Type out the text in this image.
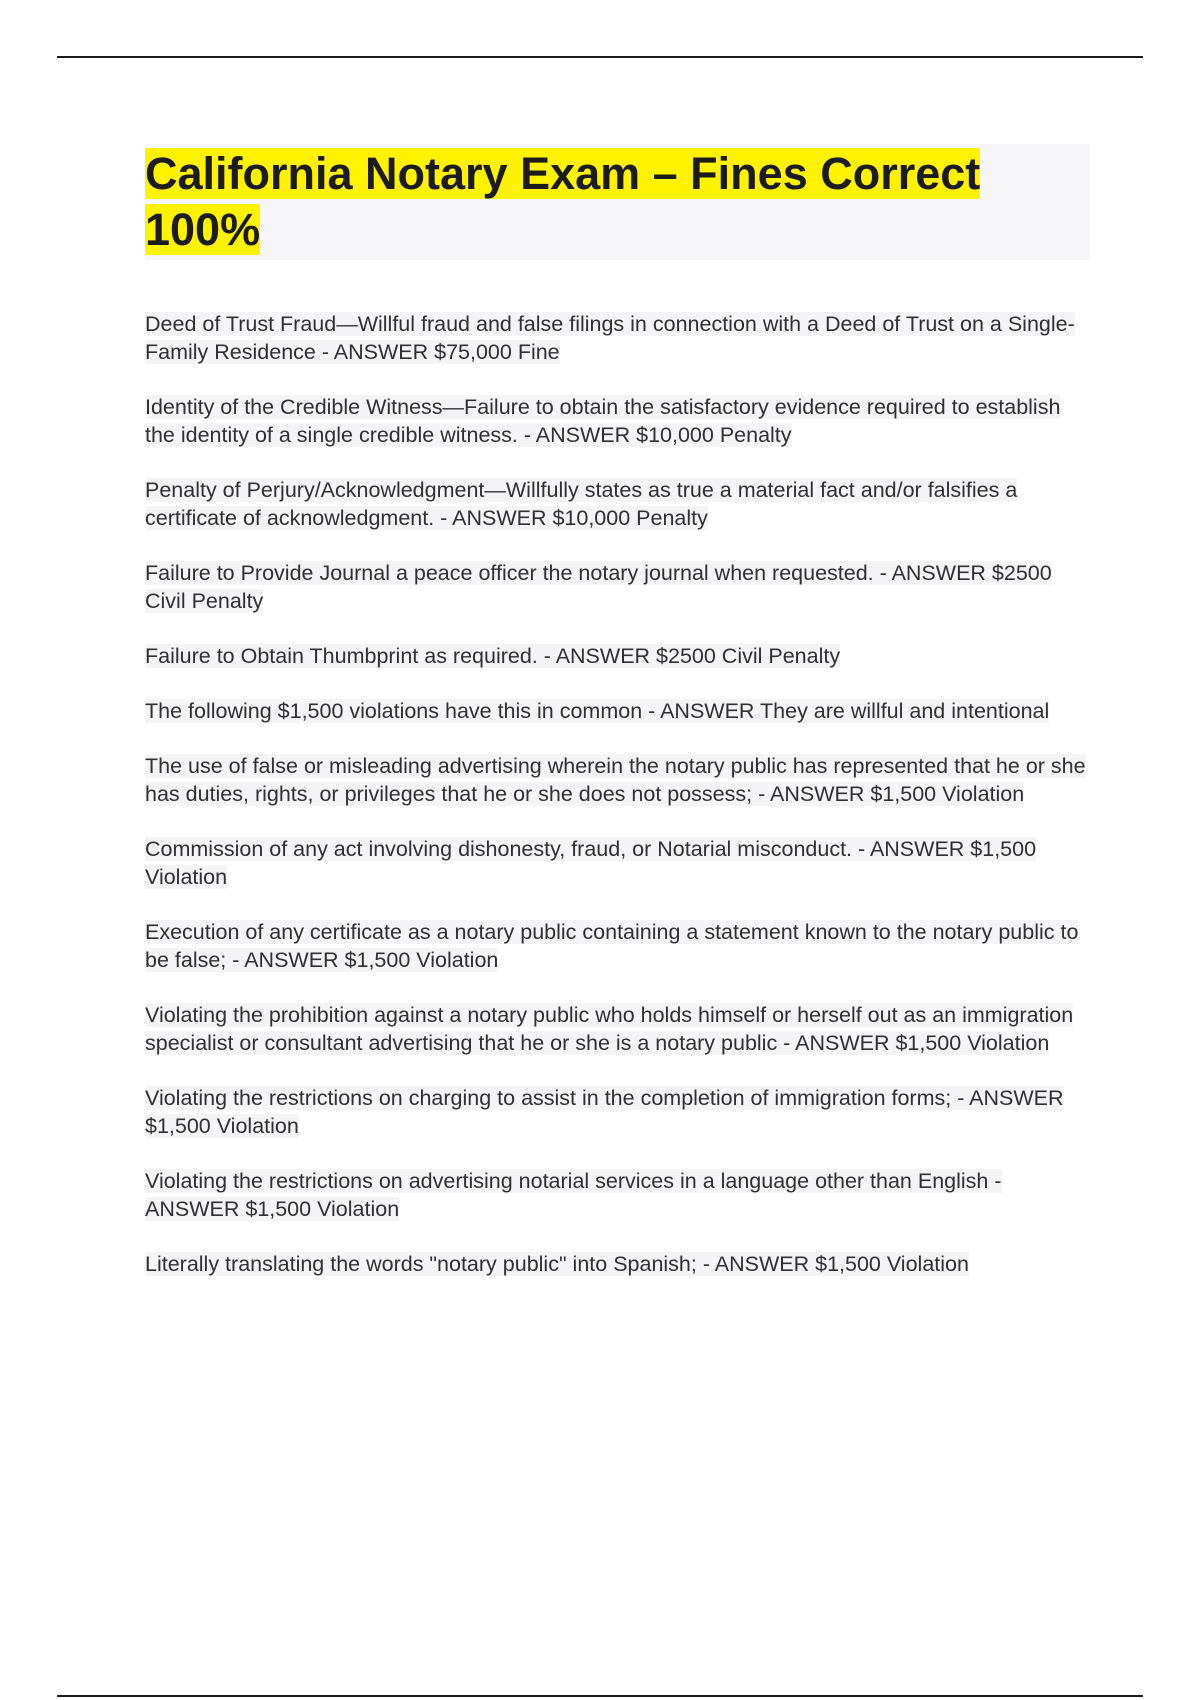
California Notary Exam – Fines Correct 100%
Deed of Trust Fraud—Willful fraud and false filings in connection with a Deed of Trust on a Single-Family Residence - ANSWER $75,000 Fine
Identity of the Credible Witness—Failure to obtain the satisfactory evidence required to establish the identity of a single credible witness. - ANSWER $10,000 Penalty
Penalty of Perjury/Acknowledgment—Willfully states as true a material fact and/or falsifies a certificate of acknowledgment. - ANSWER $10,000 Penalty
Failure to Provide Journal a peace officer the notary journal when requested. - ANSWER $2500 Civil Penalty
Failure to Obtain Thumbprint as required. - ANSWER $2500 Civil Penalty
The following $1,500 violations have this in common - ANSWER They are willful and intentional
The use of false or misleading advertising wherein the notary public has represented that he or she has duties, rights, or privileges that he or she does not possess; - ANSWER $1,500 Violation
Commission of any act involving dishonesty, fraud, or Notarial misconduct. - ANSWER $1,500 Violation
Execution of any certificate as a notary public containing a statement known to the notary public to be false; - ANSWER $1,500 Violation
Violating the prohibition against a notary public who holds himself or herself out as an immigration specialist or consultant advertising that he or she is a notary public - ANSWER $1,500 Violation
Violating the restrictions on charging to assist in the completion of immigration forms; - ANSWER $1,500 Violation
Violating the restrictions on advertising notarial services in a language other than English - ANSWER $1,500 Violation
Literally translating the words "notary public" into Spanish; - ANSWER $1,500 Violation
